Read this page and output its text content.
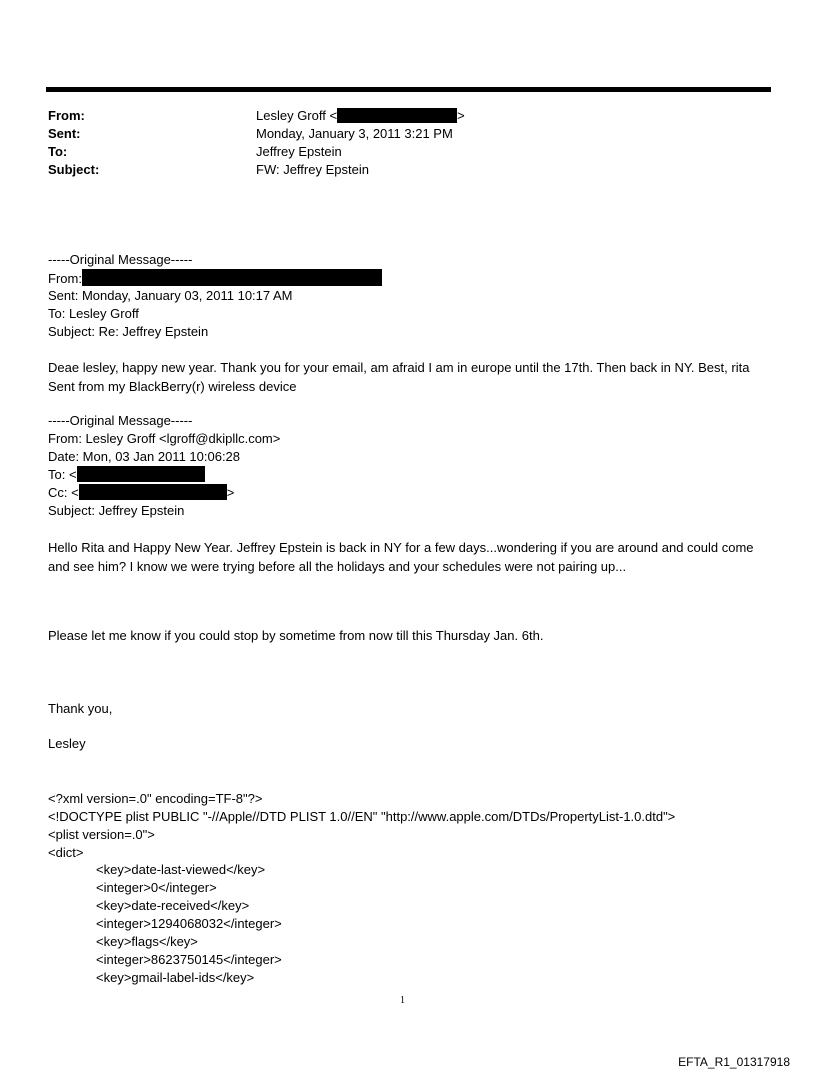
From:	Lesley Groff <	>
Sent:	Monday, January 3, 2011 3:21 PM
To:	Jeffrey Epstein
Subject:	FW: Jeffrey Epstein
-----Original Message-----
From:
Sent: Monday, January 03, 2011 10:17 AM
To: Lesley Groff
Subject: Re: Jeffrey Epstein
Deae lesley, happy new year. Thank you for your email, am afraid I am in europe until the 17th. Then back in NY. Best, rita Sent from my BlackBerry(r) wireless device
-----Original Message-----
From: Lesley Groff <lgroff@dkipllc.com>
Date: Mon, 03 Jan 2011 10:06:28
To: <
Cc: <	>
Subject: Jeffrey Epstein
Hello Rita and Happy New Year. Jeffrey Epstein is back in NY for a few days...wondering if you are around and could come and see him? I know we were trying before all the holidays and your schedules were not pairing up...
Please let me know if you could stop by sometime from now till this Thursday Jan. 6th.
Thank you,
Lesley
<?xml version=.0" encoding=TF-8"?>
<!DOCTYPE plist PUBLIC "-//Apple//DTD PLIST 1.0//EN" "http://www.apple.com/DTDs/PropertyList-1.0.dtd">
<plist version=.0">
<dict>
<key>date-last-viewed</key>
<integer>0</integer>
<key>date-received</key>
<integer>1294068032</integer>
<key>flags</key>
<integer>8623750145</integer>
<key>gmail-label-ids</key>
1
EFTA_R1_01317918
